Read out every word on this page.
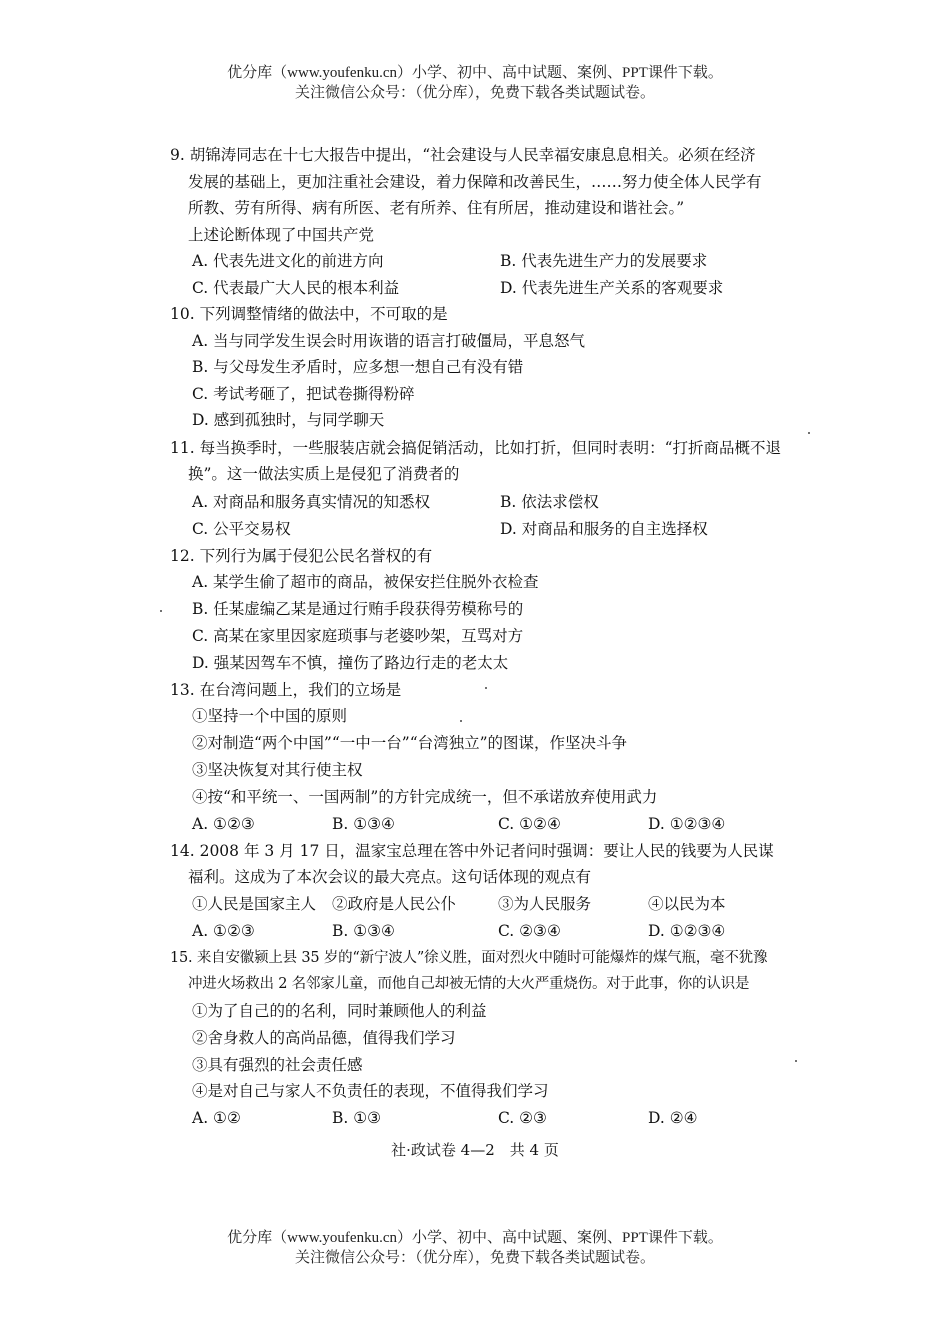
优分库（www.youfenku.cn）小学、初中、高中试题、案例、PPT课件下载。
关注微信公众号：（优分库），免费下载各类试题试卷。
9. 胡锦涛同志在十七大报告中提出，“社会建设与人民幸福安康息息相关。必须在经济
发展的基础上，更加注重社会建设，着力保障和改善民生，……努力使全体人民学有
所教、劳有所得、病有所医、老有所养、住有所居，推动建设和谐社会。”
上述论断体现了中国共产党
A. 代表先进文化的前进方向	B. 代表先进生产力的发展要求
C. 代表最广大人民的根本利益	D. 代表先进生产关系的客观要求
10. 下列调整情绪的做法中，不可取的是
A. 当与同学发生误会时用诙谐的语言打破僵局，平息怒气
B. 与父母发生矛盾时，应多想一想自己有没有错
C. 考试考砸了，把试卷撕得粉碎
D. 感到孤独时，与同学聊天
11. 每当换季时，一些服装店就会搞促销活动，比如打折，但同时表明：“打折商品概不退
换”。这一做法实质上是侵犯了消费者的
A. 对商品和服务真实情况的知悉权	B. 依法求偿权
C. 公平交易权	D. 对商品和服务的自主选择权
12. 下列行为属于侵犯公民名誉权的有
A. 某学生偷了超市的商品，被保安拦住脱外衣检查
B. 任某虚编乙某是通过行贿手段获得劳模称号的
C. 高某在家里因家庭琐事与老婆吵架，互骂对方
D. 强某因驾车不慎，撞伤了路边行走的老太太
13. 在台湾问题上，我们的立场是
①坚持一个中国的原则
②对制造“两个中国”“一中一台”“台湾独立”的图谋，作坚决斗争
③坚决恢复对其行使主权
④按“和平统一、一国两制”的方针完成统一，但不承诺放弃使用武力
A. ①②③	B. ①③④	C. ①②④	D. ①②③④
14. 2008 年 3 月 17 日，温家宝总理在答中外记者问时强调：要让人民的钱要为人民谋
福利。这成为了本次会议的最大亮点。这句话体现的观点有
①人民是国家主人 ②政府是人民公仆	③为人民服务	④以民为本
A. ①②③	B. ①③④	C. ②③④	D. ①②③④
15. 来自安徽颍上县 35 岁的“新宁波人”徐义胜，面对烈火中随时可能爆炸的煤气瓶，毫不犹豫
冲进火场救出 2 名邻家儿童，而他自己却被无情的大火严重烧伤。对于此事，你的认识是
①为了自己的的名利，同时兼顾他人的利益
②舍身救人的高尚品德，值得我们学习
③具有强烈的社会责任感
④是对自己与家人不负责任的表现，不值得我们学习
A. ①②	B. ①③	C. ②③	D. ②④
社·政试卷 4—2　共 4 页
优分库（www.youfenku.cn）小学、初中、高中试题、案例、PPT课件下载。
关注微信公众号：（优分库），免费下载各类试题试卷。
